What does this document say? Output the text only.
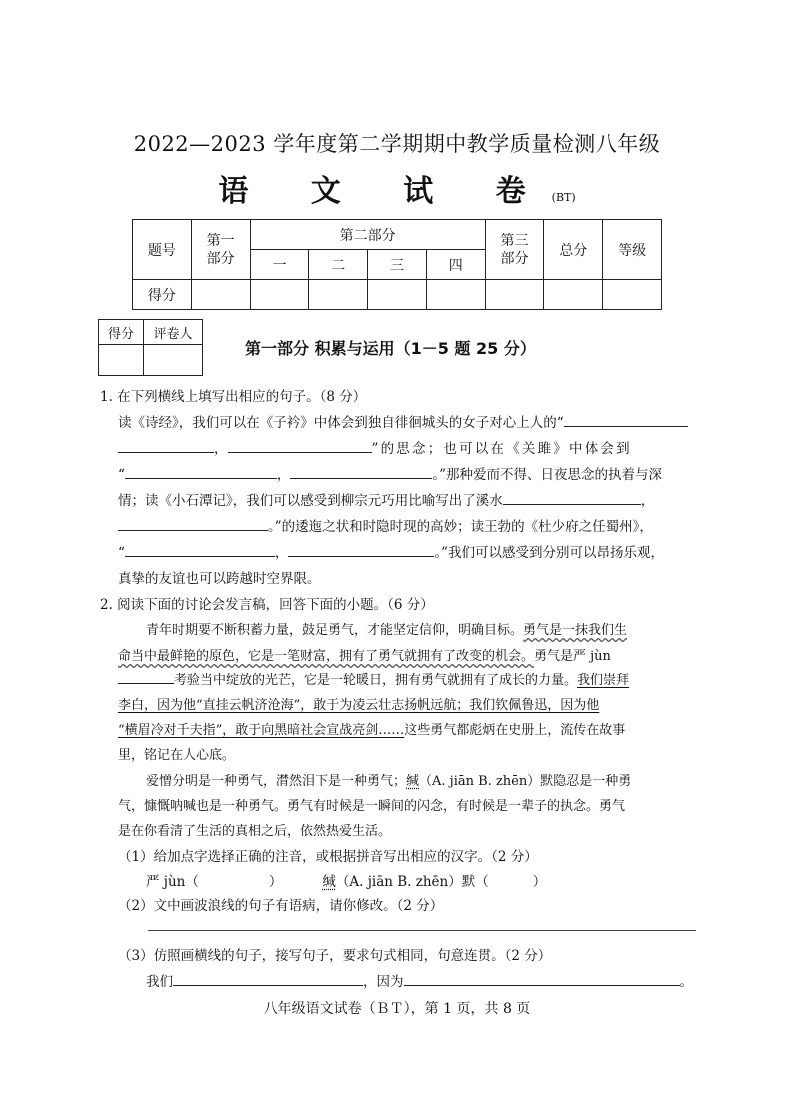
2022—2023 学年度第二学期期中教学质量检测八年级
语 文 试 卷(BT)
题号	第一部分	第二部分				第三部分	总分	等级
		一	二	三	四			
得分								
得分	评卷人

第一部分 积累与运用（1－5 题 25 分）
1. 在下列横线上填写出相应的句子。（8 分）
读《诗经》，我们可以在《子衿》中体会到独自徘徊城头的女子对心上人的“
，	”的思念；也可以在《关雎》中体会到
“	，	。”那种爱而不得、日夜思念的执着与深
情；读《小石潭记》，我们可以感受到柳宗元巧用比喻写出了溪水	，
。”的逶迤之状和时隐时现的高妙；读王勃的《杜少府之任蜀州》，
“	，	。”我们可以感受到分别可以昂扬乐观，
真挚的友谊也可以跨越时空界限。
2. 阅读下面的讨论会发言稿，回答下面的小题。（6 分）
青年时期要不断积蓄力量，鼓足勇气，才能坚定信仰，明确目标。勇气是一抹我们生
命当中最鲜艳的原色，它是一笔财富，拥有了勇气就拥有了改变的机会。勇气是严 jùn
考验当中绽放的光芒，它是一轮暖日，拥有勇气就拥有了成长的力量。我们崇拜
李白，因为他“直挂云帆济沧海”，敢于为凌云壮志扬帆远航；我们钦佩鲁迅，因为他
“横眉冷对千夫指”，敢于向黑暗社会宣战亮剑……这些勇气都彪炳在史册上，流传在故事
里，铭记在人心底。
爱憎分明是一种勇气，潸然泪下是一种勇气；缄（A. jiān B. zhēn）默隐忍是一种勇
气，慷慨呐喊也是一种勇气。勇气有时候是一瞬间的闪念，有时候是一辈子的执念。勇气
是在你看清了生活的真相之后，依然热爱生活。
（1）给加点字选择正确的注音，或根据拼音写出相应的汉字。（2 分）
严 jùn（	）	缄（A. jiān B. zhēn）默（	）
（2）文中画波浪线的句子有语病，请你修改。（2 分）
（3）仿照画横线的句子，接写句子，要求句式相同，句意连贯。（2 分）
我们	，因为	。
八年级语文试卷（ＢＴ），第 1 页，共 8 页
